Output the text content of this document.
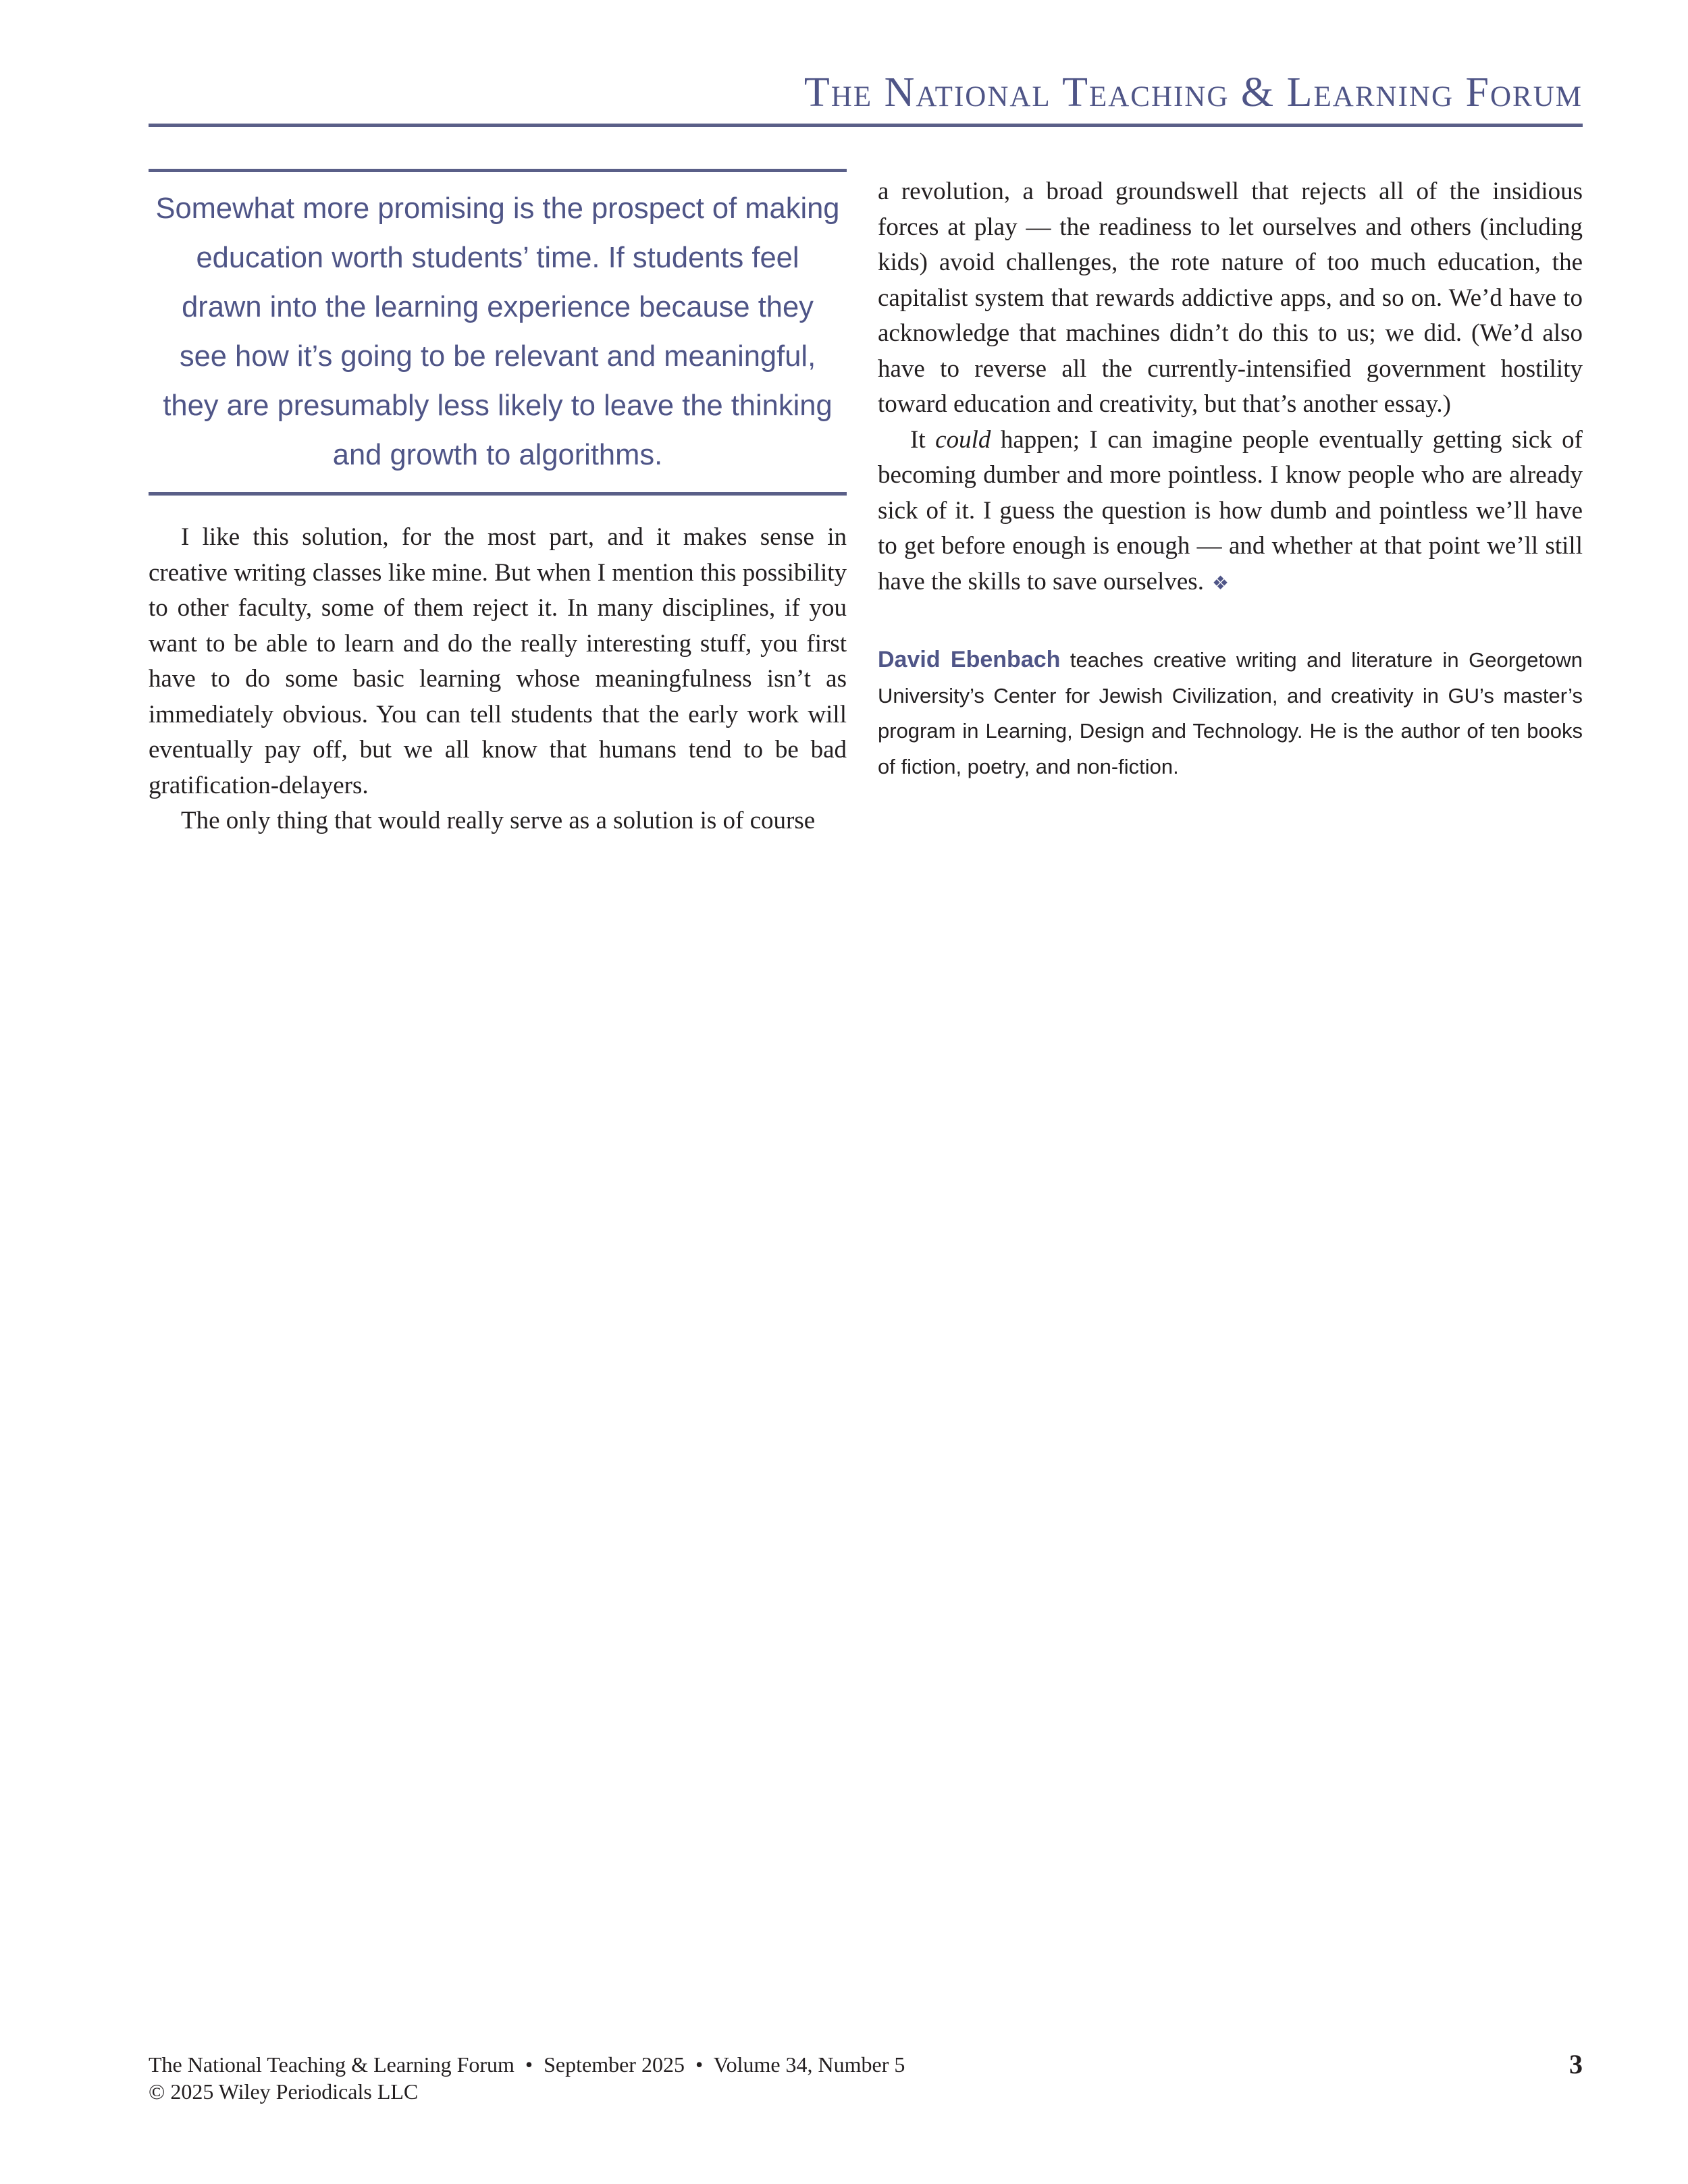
The National Teaching & Learning Forum
Somewhat more promising is the prospect of making education worth students’ time. If students feel drawn into the learning experience because they see how it’s going to be relevant and meaningful, they are presumably less likely to leave the thinking and growth to algorithms.

I like this solution, for the most part, and it makes sense in creative writing classes like mine. But when I mention this possibility to other faculty, some of them reject it. In many disciplines, if you want to be able to learn and do the really interesting stuff, you first have to do some basic learning whose meaningfulness isn’t as immediately obvious. You can tell students that the early work will eventually pay off, but we all know that humans tend to be bad gratification-delayers.

The only thing that would really serve as a solution is of course

a revolution, a broad groundswell that rejects all of the insidious forces at play — the readiness to let ourselves and others (including kids) avoid challenges, the rote nature of too much education, the capitalist system that rewards addictive apps, and so on. We’d have to acknowledge that machines didn’t do this to us; we did. (We’d also have to reverse all the currently-intensified government hostility toward education and creativity, but that’s another essay.)

It could happen; I can imagine people eventually getting sick of becoming dumber and more pointless. I know people who are already sick of it. I guess the question is how dumb and pointless we’ll have to get before enough is enough — and whether at that point we’ll still have the skills to save ourselves. ❖

David Ebenbach teaches creative writing and literature in Georgetown University’s Center for Jewish Civilization, and creativity in GU’s master’s program in Learning, Design and Technology. He is the author of ten books of fiction, poetry, and non-fiction.
The National Teaching & Learning Forum  •  September 2025  •  Volume 34, Number 5
© 2025 Wiley Periodicals LLC
3
